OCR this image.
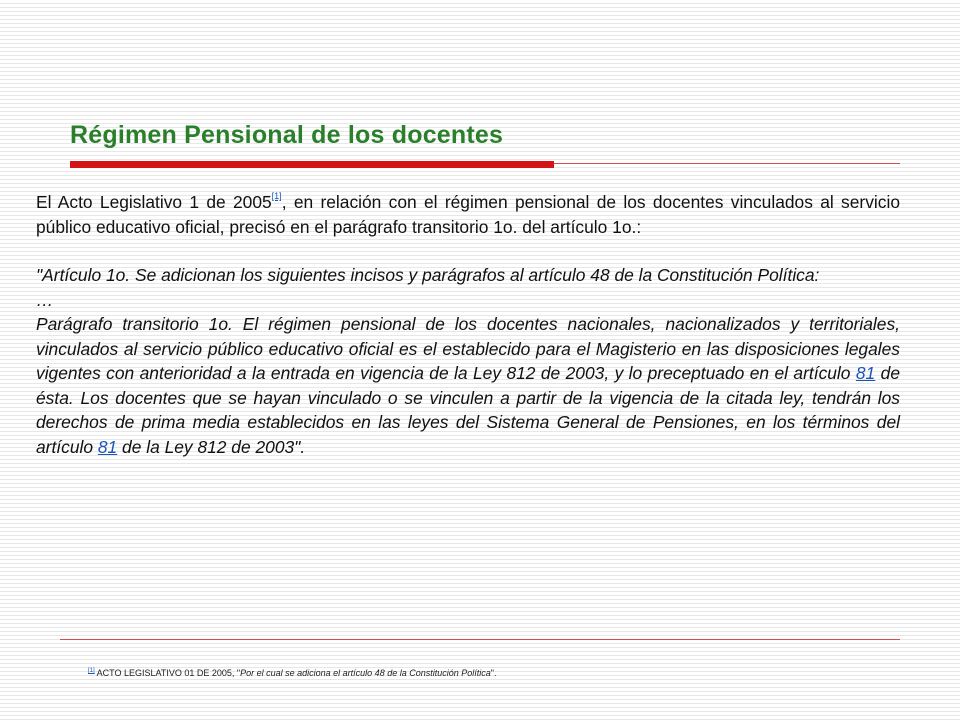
Régimen Pensional de los docentes

El Acto Legislativo 1 de 2005[1], en relación con el régimen pensional de los docentes vinculados al servicio público educativo oficial, precisó en el parágrafo transitorio 1o. del artículo 1o.:

"Artículo 1o. Se adicionan los siguientes incisos y parágrafos al artículo 48 de la Constitución Política:

…

Parágrafo transitorio 1o. El régimen pensional de los docentes nacionales, nacionalizados y territoriales, vinculados al servicio público educativo oficial es el establecido para el Magisterio en las disposiciones legales vigentes con anterioridad a la entrada en vigencia de la Ley 812 de 2003, y lo preceptuado en el artículo 81 de ésta. Los docentes que se hayan vinculado o se vinculen a partir de la vigencia de la citada ley, tendrán los derechos de prima media establecidos en las leyes del Sistema General de Pensiones, en los términos del artículo 81 de la Ley 812 de 2003".

[1] ACTO LEGISLATIVO 01 DE 2005, "Por el cual se adiciona el artículo 48 de la Constitución Política".
